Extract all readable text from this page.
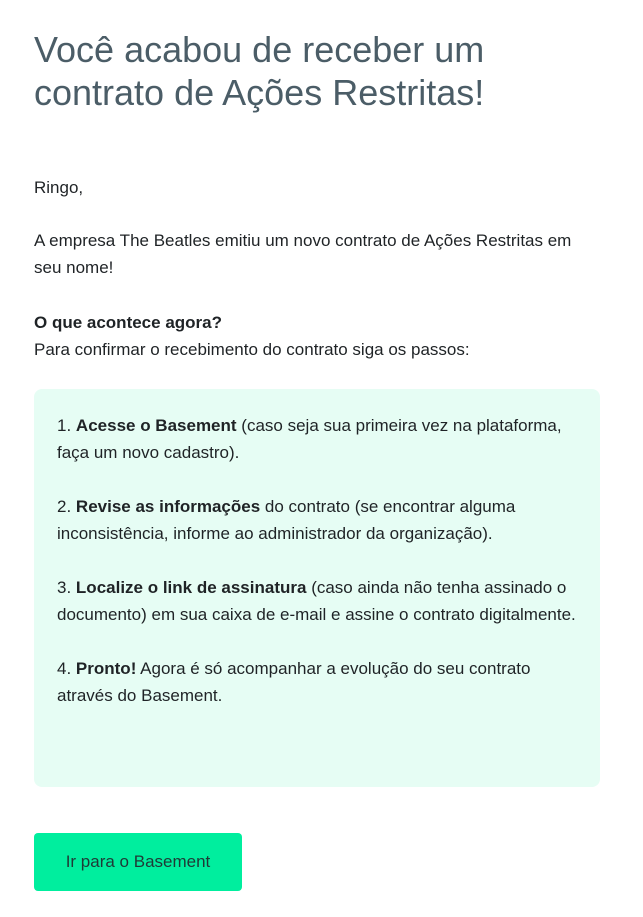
Você acabou de receber um contrato de Ações Restritas!

Ringo,

A empresa The Beatles emitiu um novo contrato de Ações Restritas em seu nome!

O que acontece agora?
Para confirmar o recebimento do contrato siga os passos:

1. Acesse o Basement (caso seja sua primeira vez na plataforma, faça um novo cadastro).

2. Revise as informações do contrato (se encontrar alguma inconsistência, informe ao administrador da organização).

3. Localize o link de assinatura (caso ainda não tenha assinado o documento) em sua caixa de e-mail e assine o contrato digitalmente.

4. Pronto! Agora é só acompanhar a evolução do seu contrato através do Basement.

Ir para o Basement
